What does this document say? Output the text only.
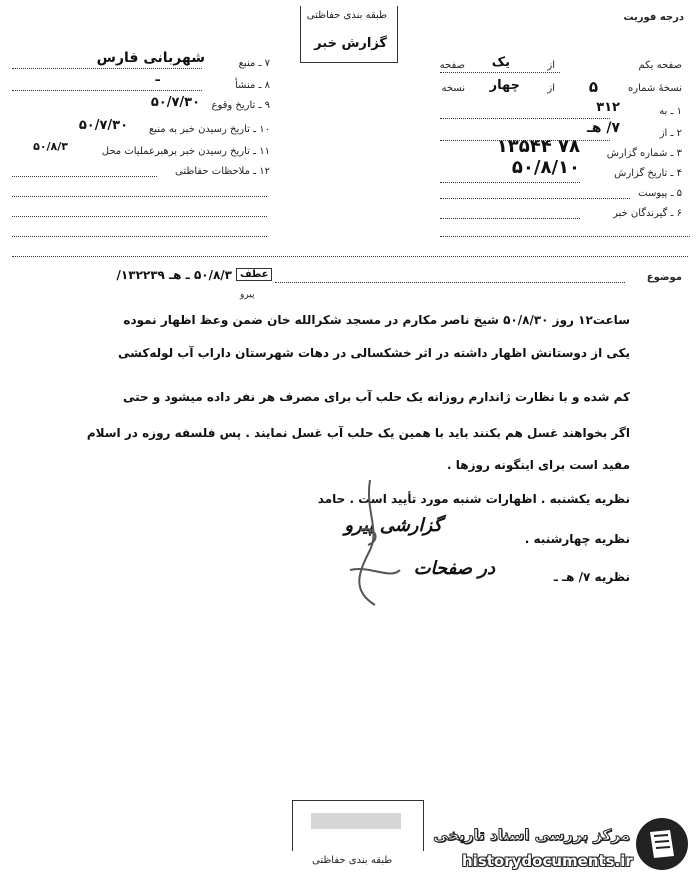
درجه فوریت
طبقه بندی حفاظتی
گزارش خبر
صفحه یکم
از
یک
صفحه
نسخهٔ شماره
۵
از
چهار
نسخه
۱ ـ به
۳۱۲
۲ ـ از
۷/ هـ
۳ ـ شماره گزارش
۷۸ ۱۳۵۴۴
۴ ـ تاریخ گزارش
۵۰/۸/۱۰
۵ ـ پیوست
۶ ـ گیرندگان خبر
۷ ـ منبع
شهربانی فارس
۸ ـ منشأ
ـ
۹ ـ تاریخ وقوع
۵۰/۷/۳۰
۱۰ ـ تاریخ رسیدن خبر به منبع
۵۰/۷/۳۰
۱۱ ـ تاریخ رسیدن خبر برهبرعملیات محل
۵۰/۸/۳
۱۲ ـ ملاحظات حفاظتی
موضوع
۵۰/۸/۳ ـ هـ ۱۳۲۲۳۹/ عطف
پیرو
ساعت۱۲ روز ۵۰/۸/۳۰ شیخ ناصر مکارم در مسجد شکرالله خان ضمن وعظ اظهار نموده
یکی از دوستانش اظهار داشته در اثر خشکسالی در دهات شهرستان داراب آب لوله‌کشی
کم شده و با نظارت ژاندارم روزانه یک حلب آب برای مصرف هر نفر داده میشود و حتی
اگر بخواهند غسل هم بکنند باید با همین یک حلب آب غسل نمایند . پس فلسفه روزه در اسلام
مفید است برای اینگونه روزها .
نظریه یکشنبه . اظهارات شنبه مورد تأیید است . حامد
گزارشی پیرو
نظریه چهارشنبه .
در صفحات	نظریه ۷/ هـ ـ
طبقه بندی حفاظتی
مرکز بررسی اسناد تاریخی
historydocuments.ir
